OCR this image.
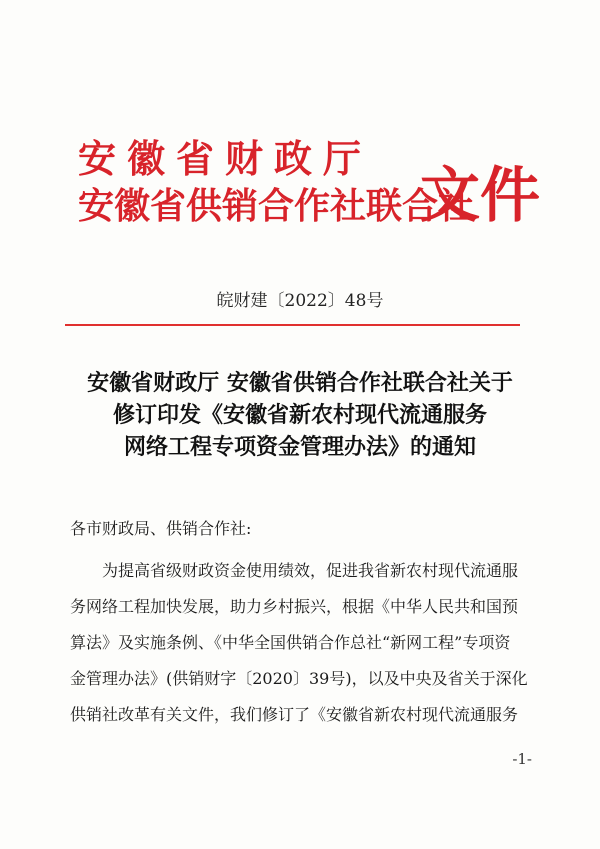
安徽省财政厅
安徽省供销合作社联合社
文件
皖财建〔2022〕48号
安徽省财政厅 安徽省供销合作社联合社关于
修订印发《安徽省新农村现代流通服务
网络工程专项资金管理办法》的通知
各市财政局、供销合作社:
为提高省级财政资金使用绩效，促进我省新农村现代流通服
务网络工程加快发展，助力乡村振兴，根据《中华人民共和国预
算法》及实施条例、《中华全国供销合作总社“新网工程”专项资
金管理办法》(供销财字〔2020〕39号)，以及中央及省关于深化
供销社改革有关文件，我们修订了《安徽省新农村现代流通服务
-1-
